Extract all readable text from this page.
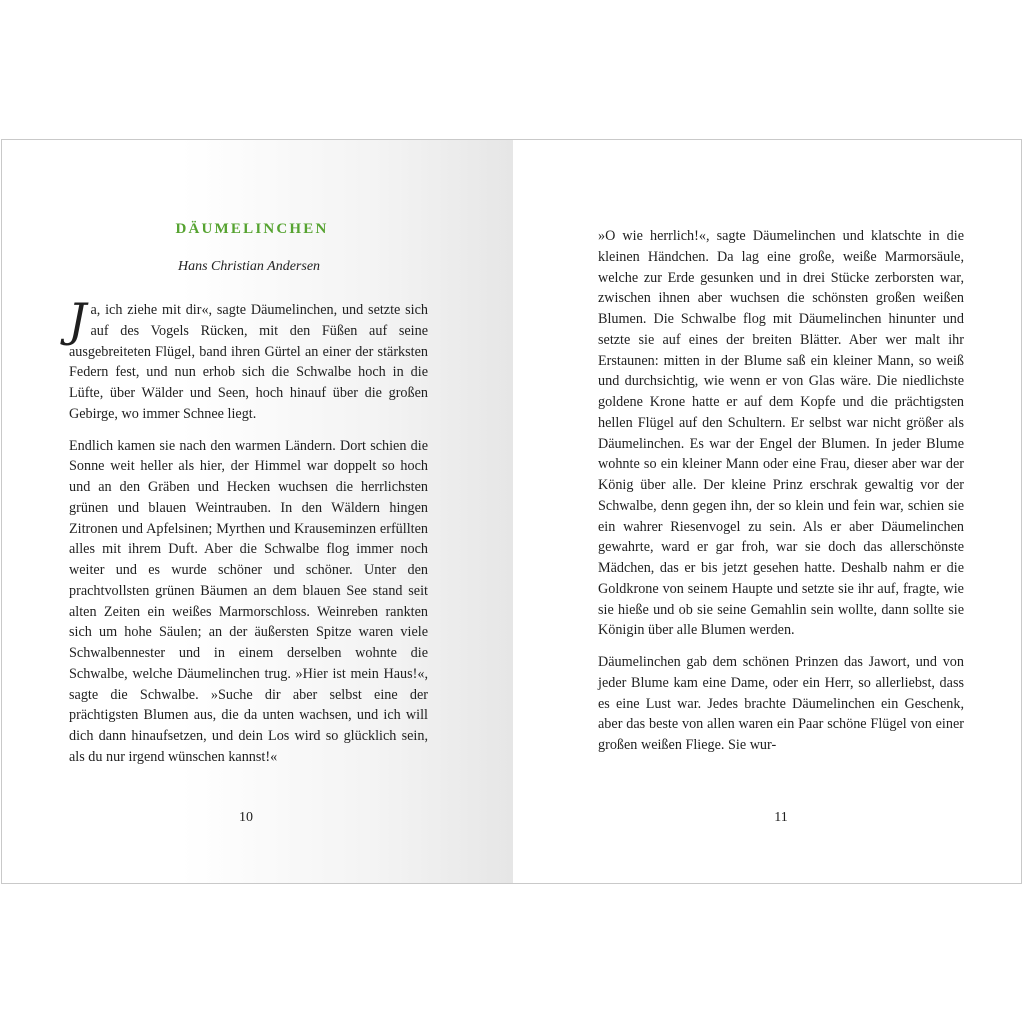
DÄUMELINCHEN
Hans Christian Andersen

Ja, ich ziehe mit dir«, sagte Däumelinchen, und setzte sich auf des Vogels Rücken, mit den Füßen auf seine ausgebreiteten Flügel, band ihren Gürtel an einer der stärksten Federn fest, und nun erhob sich die Schwalbe hoch in die Lüfte, über Wälder und Seen, hoch hinauf über die großen Gebirge, wo immer Schnee liegt.

Endlich kamen sie nach den warmen Ländern. Dort schien die Sonne weit heller als hier, der Himmel war doppelt so hoch und an den Gräben und Hecken wuchsen die herrlichsten grünen und blauen Weintrauben. In den Wäldern hingen Zitronen und Apfelsinen; Myrthen und Krauseminzen erfüllten alles mit ihrem Duft. Aber die Schwalbe flog immer noch weiter und es wurde schöner und schöner. Unter den prachtvollsten grünen Bäumen an dem blauen See stand seit alten Zeiten ein weißes Marmorschloss. Weinreben rankten sich um hohe Säulen; an der äußersten Spitze waren viele Schwalbennester und in einem derselben wohnte die Schwalbe, welche Däumelinchen trug. »Hier ist mein Haus!«, sagte die Schwalbe. »Suche dir aber selbst eine der prächtigsten Blumen aus, die da unten wachsen, und ich will dich dann hinaufsetzen, und dein Los wird so glücklich sein, als du nur irgend wünschen kannst!«

10

»O wie herrlich!«, sagte Däumelinchen und klatschte in die kleinen Händchen. Da lag eine große, weiße Marmorsäule, welche zur Erde gesunken und in drei Stücke zerborsten war, zwischen ihnen aber wuchsen die schönsten großen weißen Blumen. Die Schwalbe flog mit Däumelinchen hinunter und setzte sie auf eines der breiten Blätter. Aber wer malt ihr Erstaunen: mitten in der Blume saß ein kleiner Mann, so weiß und durchsichtig, wie wenn er von Glas wäre. Die niedlichste goldene Krone hatte er auf dem Kopfe und die prächtigsten hellen Flügel auf den Schultern. Er selbst war nicht größer als Däumelinchen. Es war der Engel der Blumen. In jeder Blume wohnte so ein kleiner Mann oder eine Frau, dieser aber war der König über alle. Der kleine Prinz erschrak gewaltig vor der Schwalbe, denn gegen ihn, der so klein und fein war, schien sie ein wahrer Riesenvogel zu sein. Als er aber Däumelinchen gewahrte, ward er gar froh, war sie doch das allerschönste Mädchen, das er bis jetzt gesehen hatte. Deshalb nahm er die Goldkrone von seinem Haupte und setzte sie ihr auf, fragte, wie sie hieße und ob sie seine Gemahlin sein wollte, dann sollte sie Königin über alle Blumen werden.

Däumelinchen gab dem schönen Prinzen das Jawort, und von jeder Blume kam eine Dame, oder ein Herr, so allerliebst, dass es eine Lust war. Jedes brachte Däumelinchen ein Geschenk, aber das beste von allen waren ein Paar schöne Flügel von einer großen weißen Fliege. Sie wur-

11
